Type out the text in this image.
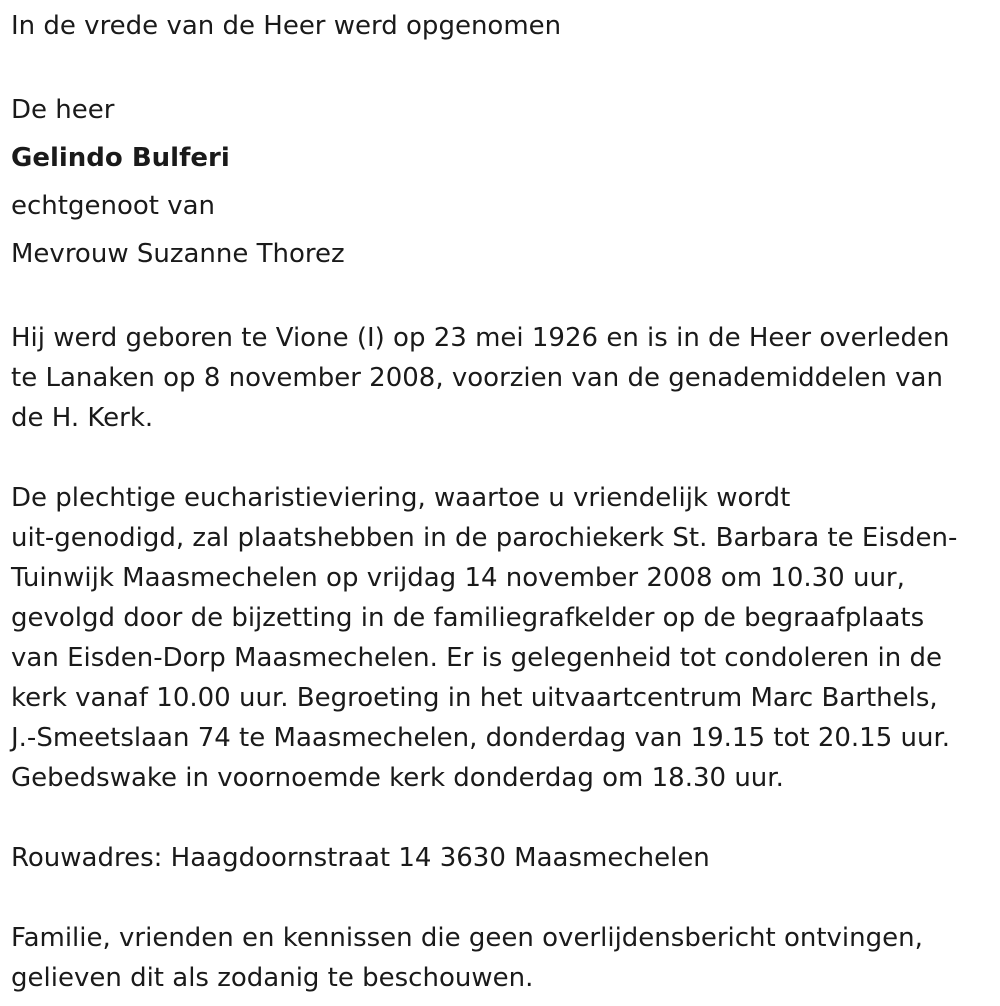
In de vrede van de Heer werd opgenomen
De heer
Gelindo Bulferi
echtgenoot van
Mevrouw Suzanne Thorez
Hij werd geboren te Vione (I) op 23 mei 1926 en is in de Heer overleden
te Lanaken op 8 november 2008, voorzien van de genademiddelen van
de H. Kerk.
De plechtige eucharistieviering, waartoe u vriendelijk wordt
uit-genodigd, zal plaatshebben in de parochiekerk St. Barbara te Eisden-
Tuinwijk Maasmechelen op vrijdag 14 november 2008 om 10.30 uur,
gevolgd door de bijzetting in de familiegrafkelder op de begraafplaats
van Eisden-Dorp Maasmechelen. Er is gelegenheid tot condoleren in de
kerk vanaf 10.00 uur. Begroeting in het uitvaartcentrum Marc Barthels,
J.-Smeetslaan 74 te Maasmechelen, donderdag van 19.15 tot 20.15 uur.
Gebedswake in voornoemde kerk donderdag om 18.30 uur.
Rouwadres: Haagdoornstraat 14 3630 Maasmechelen
Familie, vrienden en kennissen die geen overlijdensbericht ontvingen,
gelieven dit als zodanig te beschouwen.
